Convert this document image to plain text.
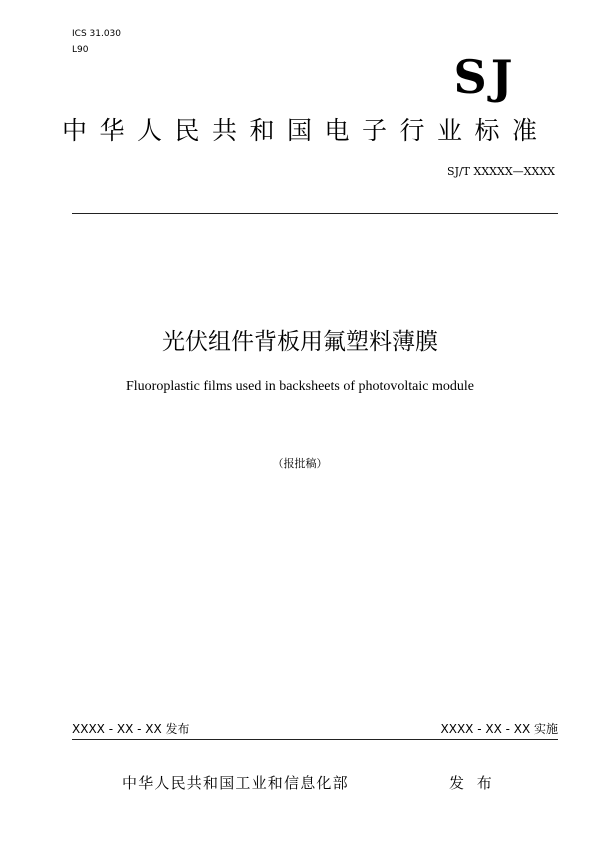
ICS 31.030
L90	SJ
中华人民共和国电子行业标准
SJ/T XXXXX—XXXX
光伏组件背板用氟塑料薄膜
Fluoroplastic films used in backsheets of photovoltaic module
（报批稿）
XXXX - XX - XX 发布	XXXX - XX - XX 实施
中华人民共和国工业和信息化部	发 布
